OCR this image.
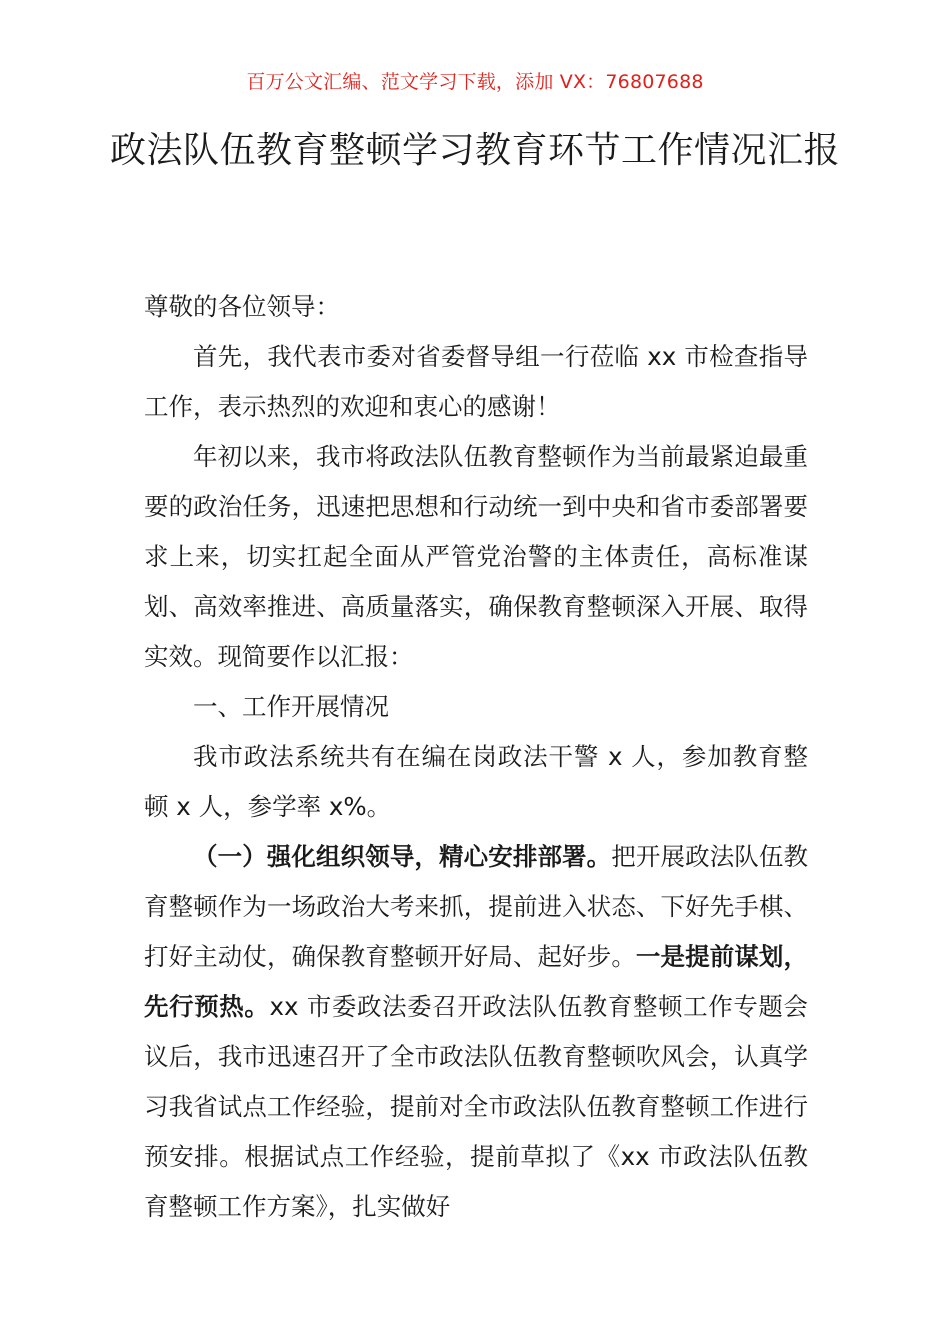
百万公文汇编、范文学习下载，添加 VX：76807688
政法队伍教育整顿学习教育环节工作情况汇报

尊敬的各位领导：

首先，我代表市委对省委督导组一行莅临 xx 市检查指导工作，表示热烈的欢迎和衷心的感谢！

年初以来，我市将政法队伍教育整顿作为当前最紧迫最重要的政治任务，迅速把思想和行动统一到中央和省市委部署要求上来，切实扛起全面从严管党治警的主体责任，高标准谋划、高效率推进、高质量落实，确保教育整顿深入开展、取得实效。现简要作以汇报：

一、工作开展情况

我市政法系统共有在编在岗政法干警 x 人，参加教育整顿 x 人，参学率 x%。

（一）强化组织领导，精心安排部署。把开展政法队伍教育整顿作为一场政治大考来抓，提前进入状态、下好先手棋、打好主动仗，确保教育整顿开好局、起好步。一是提前谋划，先行预热。xx 市委政法委召开政法队伍教育整顿工作专题会议后，我市迅速召开了全市政法队伍教育整顿吹风会，认真学习我省试点工作经验，提前对全市政法队伍教育整顿工作进行预安排。根据试点工作经验，提前草拟了《xx 市政法队伍教育整顿工作方案》，扎实做好
